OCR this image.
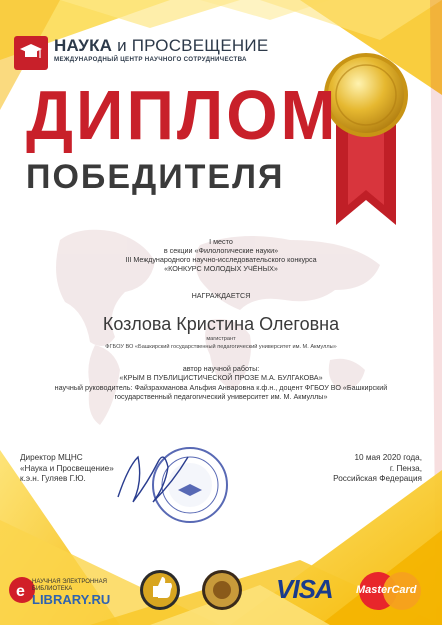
e
НАУКА и ПРОСВЕЩЕНИЕ
МЕЖДУНАРОДНЫЙ ЦЕНТР НАУЧНОГО СОТРУДНИЧЕСТВА
ДИПЛОМ
ПОБЕДИТЕЛЯ
I место
в секции «Филологические науки»
III Международного научно-исследовательского конкурса
«КОНКУРС МОЛОДЫХ УЧЁНЫХ»
НАГРАЖДАЕТСЯ
Козлова Кристина Олеговна
магистрант
ФГБОУ ВО «Башкирский государственный педагогический университет им. М. Акмуллы»
автор научной работы:
«КРЫМ В ПУБЛИЦИСТИЧЕСКОЙ ПРОЗЕ М.А. БУЛГАКОВА»
научный руководитель: Файзрахманова Альфия Анваровна к.ф.н., доцент ФГБОУ ВО «Башкирский
государственный педагогический университет им. М. Акмуллы»
Директор МЦНС
«Наука и Просвещение»
к.э.н. Гуляев Г.Ю.
10 мая 2020 года,
г. Пенза,
Российская Федерация
НАУЧНАЯ ЭЛЕКТРОННАЯ
БИБЛИОТЕКА
LIBRARY.RU	VISA MasterCard
